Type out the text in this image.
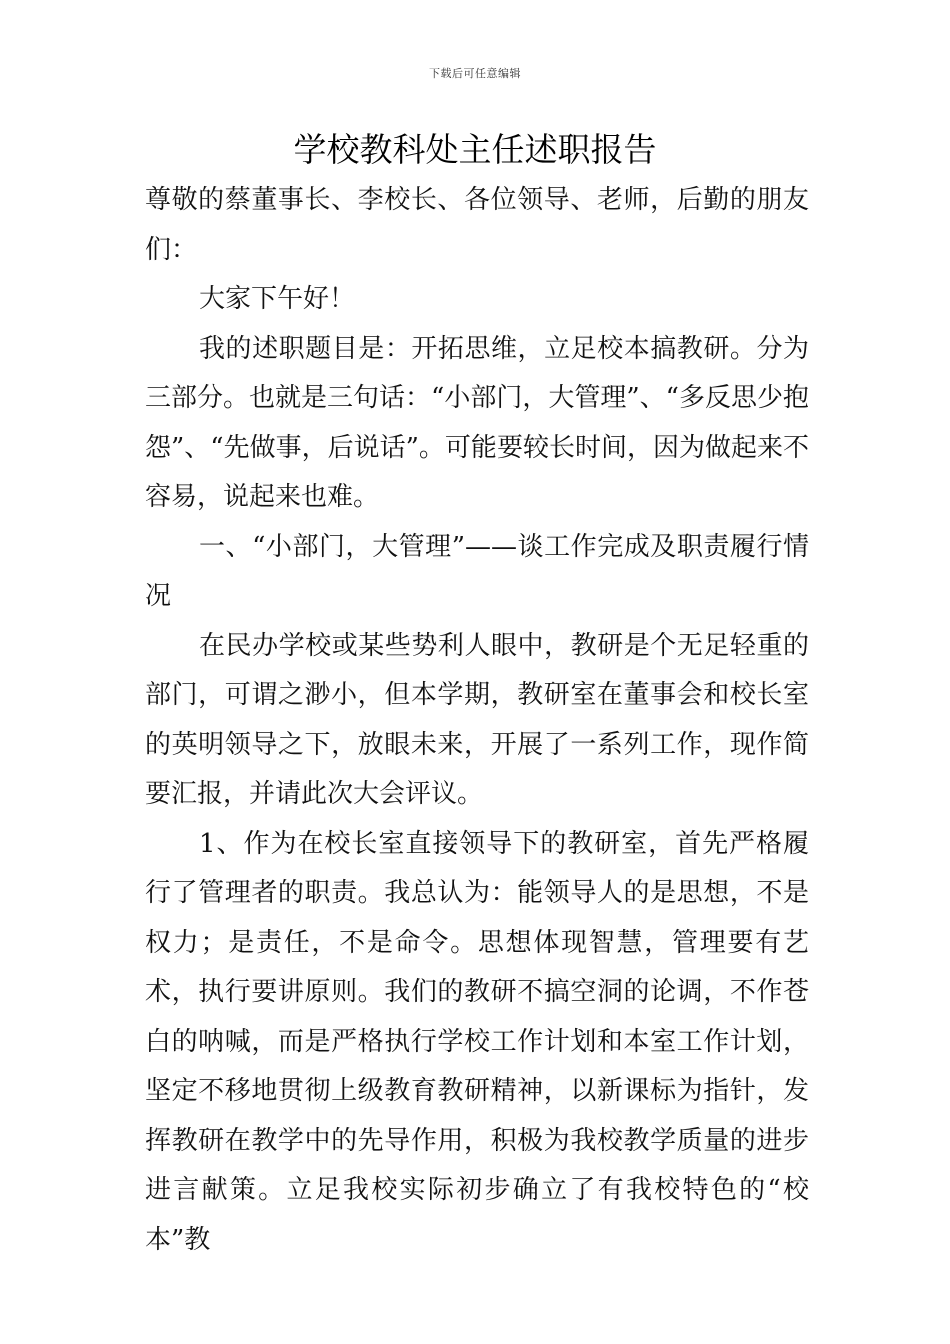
下载后可任意编辑
学校教科处主任述职报告

尊敬的蔡董事长、李校长、各位领导、老师，后勤的朋友们：

大家下午好！

我的述职题目是：开拓思维，立足校本搞教研。分为三部分。也就是三句话：“小部门，大管理”、“多反思少抱怨”、“先做事，后说话”。可能要较长时间，因为做起来不容易，说起来也难。

一、“小部门，大管理”——谈工作完成及职责履行情况

在民办学校或某些势利人眼中，教研是个无足轻重的部门，可谓之渺小，但本学期，教研室在董事会和校长室的英明领导之下，放眼未来，开展了一系列工作，现作简要汇报，并请此次大会评议。

1、作为在校长室直接领导下的教研室，首先严格履行了管理者的职责。我总认为：能领导人的是思想，不是权力；是责任，不是命令。思想体现智慧，管理要有艺术，执行要讲原则。我们的教研不搞空洞的论调，不作苍白的呐喊，而是严格执行学校工作计划和本室工作计划，坚定不移地贯彻上级教育教研精神，以新课标为指针，发挥教研在教学中的先导作用，积极为我校教学质量的进步进言献策。立足我校实际初步确立了有我校特色的“校本”教
